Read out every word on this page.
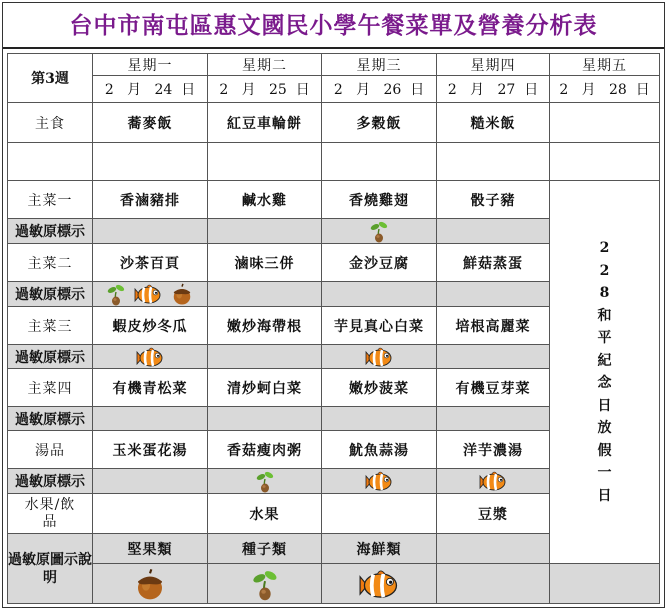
台中市南屯區惠文國民小學午餐菜單及營養分析表
第3週	星期一	星期二	星期三	星期四	星期五	
	2 月 24 日	2 月 25 日	2 月 26 日	2 月 27 日	2 月 28 日	
主食	蕎麥飯	紅豆車輪餅	多穀飯	糙米飯		

主菜一	香滷豬排	鹹水雞	香燒雞翅	骰子豬	228和平紀念日放假一日	
過敏原標示			

主菜二	沙茶百頁	滷味三併	金沙豆腐	鮮菇蒸蛋		
過敏原標示	

主菜三	蝦皮炒冬瓜	嫩炒海帶根	芋見真心白菜	培根高麗菜		
過敏原標示	

主菜四	有機青松菜	清炒蚵白菜	嫩炒菠菜	有機豆芽菜		
過敏原標示						
湯品	玉米蛋花湯	香菇瘦肉粥	魷魚蒜湯	洋芋濃湯		
過敏原標示		

水果/飲
品		水果		豆漿		
過敏原圖示說明	堅果類	種子類	海鮮類			
